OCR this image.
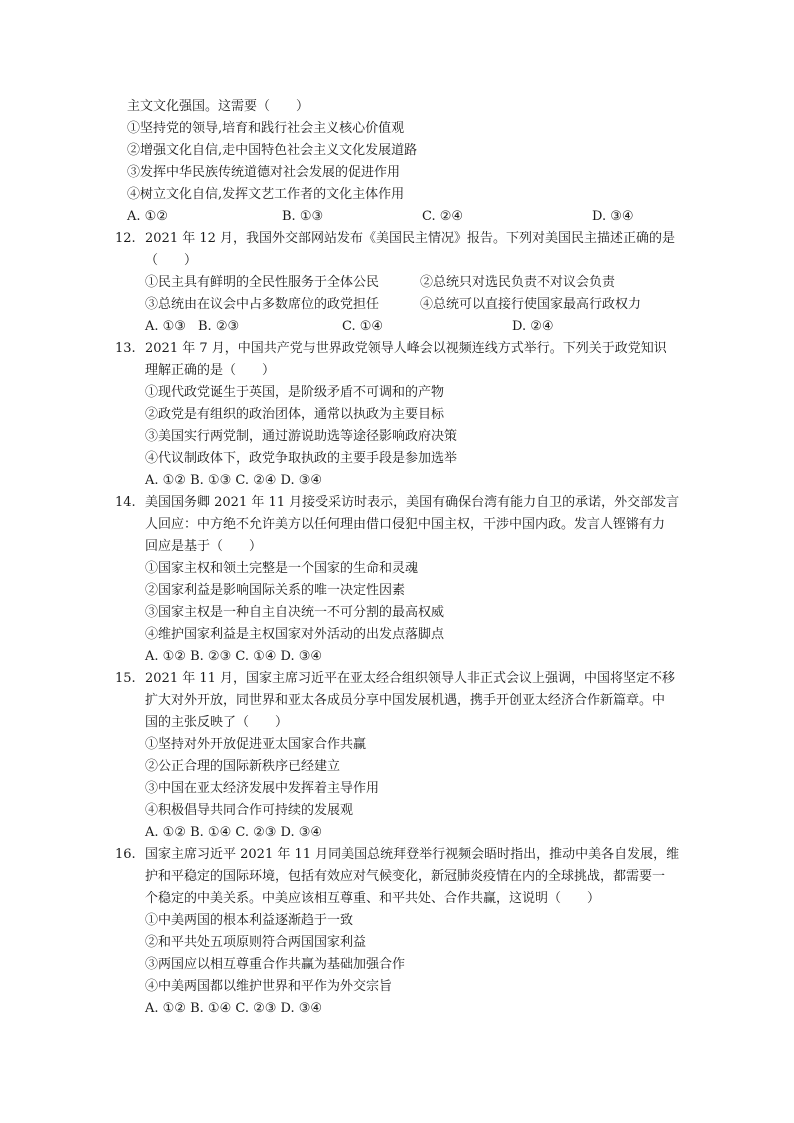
主文文化强国。这需要（　　）
①坚持党的领导,培育和践行社会主义核心价值观
②增强文化自信,走中国特色社会主义文化发展道路
③发挥中华民族传统道德对社会发展的促进作用
④树立文化自信,发挥文艺工作者的文化主体作用
A. ①②	B. ①③	C. ②④	D. ③④
12. 2021 年 12 月，我国外交部网站发布《美国民主情况》报告。下列对美国民主描述正确的是
（　　）
①民主具有鲜明的全民性服务于全体公民	②总统只对选民负责不对议会负责
③总统由在议会中占多数席位的政党担任	④总统可以直接行使国家最高行政权力
A. ①③ B. ②③	C. ①④	D. ②④
13. 2021 年 7 月，中国共产党与世界政党领导人峰会以视频连线方式举行。下列关于政党知识
理解正确的是（　　）
①现代政党诞生于英国，是阶级矛盾不可调和的产物
②政党是有组织的政治团体，通常以执政为主要目标
③美国实行两党制，通过游说助选等途径影响政府决策
④代议制政体下，政党争取执政的主要手段是参加选举
A. ①② B. ①③ C. ②④ D. ③④
14. 美国国务卿 2021 年 11 月接受采访时表示，美国有确保台湾有能力自卫的承诺，外交部发言
人回应：中方绝不允许美方以任何理由借口侵犯中国主权，干涉中国内政。发言人铿锵有力
回应是基于（　　）
①国家主权和领土完整是一个国家的生命和灵魂
②国家利益是影响国际关系的唯一决定性因素
③国家主权是一种自主自决统一不可分割的最高权威
④维护国家利益是主权国家对外活动的出发点落脚点
A. ①② B. ②③ C. ①④ D. ③④
15. 2021 年 11 月，国家主席习近平在亚太经合组织领导人非正式会议上强调，中国将坚定不移
扩大对外开放，同世界和亚太各成员分享中国发展机遇，携手开创亚太经济合作新篇章。中
国的主张反映了（　　）
①坚持对外开放促进亚太国家合作共赢
②公正合理的国际新秩序已经建立
③中国在亚太经济发展中发挥着主导作用
④积极倡导共同合作可持续的发展观
A. ①② B. ①④ C. ②③ D. ③④
16. 国家主席习近平 2021 年 11 月同美国总统拜登举行视频会晤时指出，推动中美各自发展，维
护和平稳定的国际环境，包括有效应对气候变化，新冠肺炎疫情在内的全球挑战，都需要一
个稳定的中美关系。中美应该相互尊重、和平共处、合作共赢，这说明（　　）
①中美两国的根本利益逐渐趋于一致
②和平共处五项原则符合两国国家利益
③两国应以相互尊重合作共赢为基础加强合作
④中美两国都以维护世界和平作为外交宗旨
A. ①② B. ①④ C. ②③ D. ③④
